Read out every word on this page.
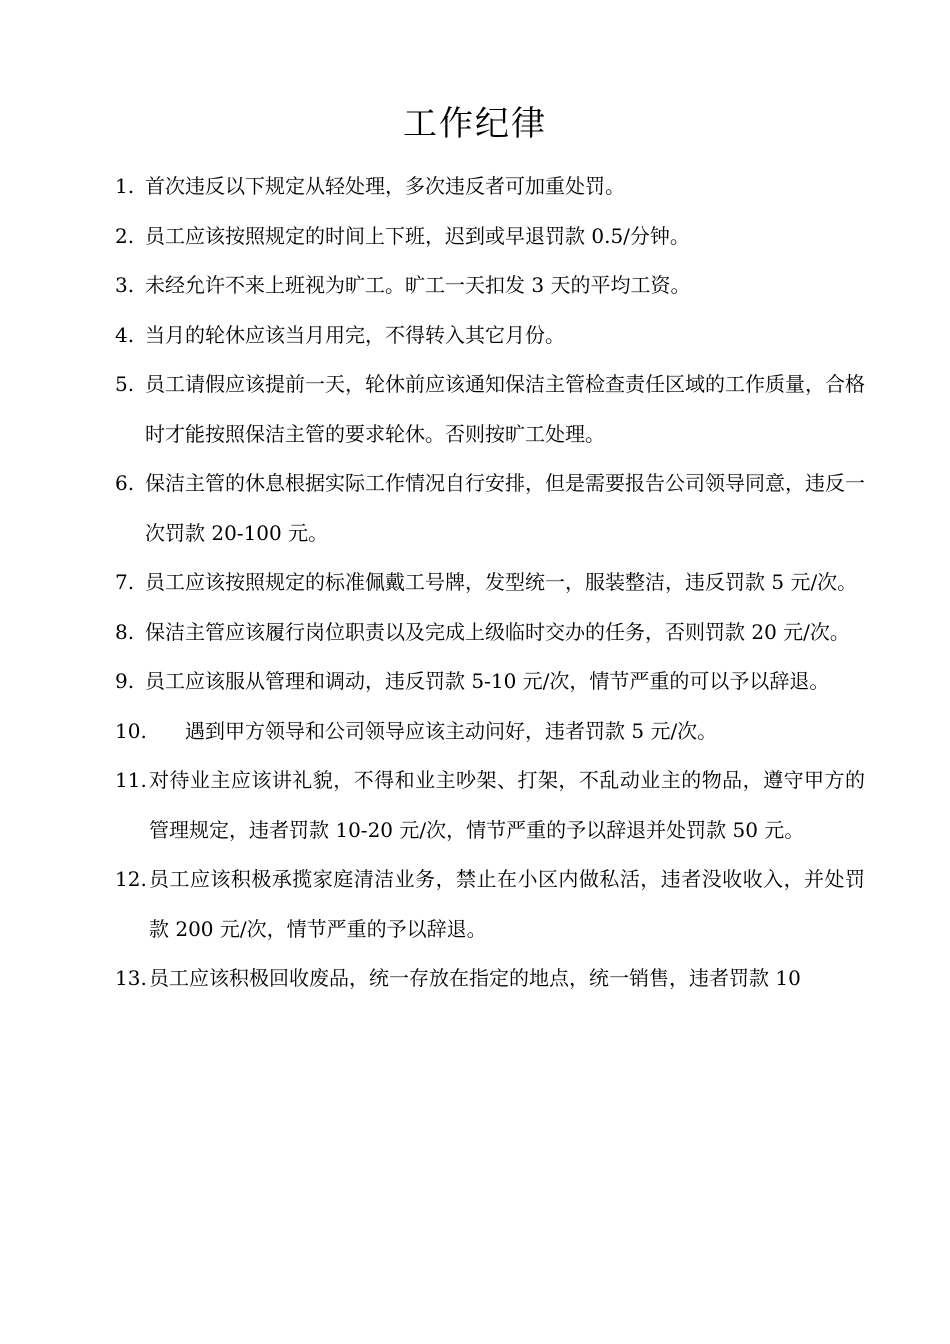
工作纪律
1. 首次违反以下规定从轻处理，多次违反者可加重处罚。
2. 员工应该按照规定的时间上下班，迟到或早退罚款 0.5/分钟。
3. 未经允许不来上班视为旷工。旷工一天扣发 3 天的平均工资。
4. 当月的轮休应该当月用完，不得转入其它月份。
5. 员工请假应该提前一天，轮休前应该通知保洁主管检查责任区域的工作质量，合格时才能按照保洁主管的要求轮休。否则按旷工处理。
6. 保洁主管的休息根据实际工作情况自行安排，但是需要报告公司领导同意，违反一次罚款 20-100 元。
7. 员工应该按照规定的标准佩戴工号牌，发型统一，服装整洁，违反罚款 5 元/次。
8. 保洁主管应该履行岗位职责以及完成上级临时交办的任务，否则罚款 20 元/次。
9. 员工应该服从管理和调动，违反罚款 5-10 元/次，情节严重的可以予以辞退。
10.	遇到甲方领导和公司领导应该主动问好，违者罚款 5 元/次。
11. 对待业主应该讲礼貌，不得和业主吵架、打架，不乱动业主的物品，遵守甲方的管理规定，违者罚款 10-20 元/次，情节严重的予以辞退并处罚款 50 元。
12. 员工应该积极承揽家庭清洁业务，禁止在小区内做私活，违者没收收入，并处罚款 200 元/次，情节严重的予以辞退。
13. 员工应该积极回收废品，统一存放在指定的地点，统一销售，违者罚款 10
